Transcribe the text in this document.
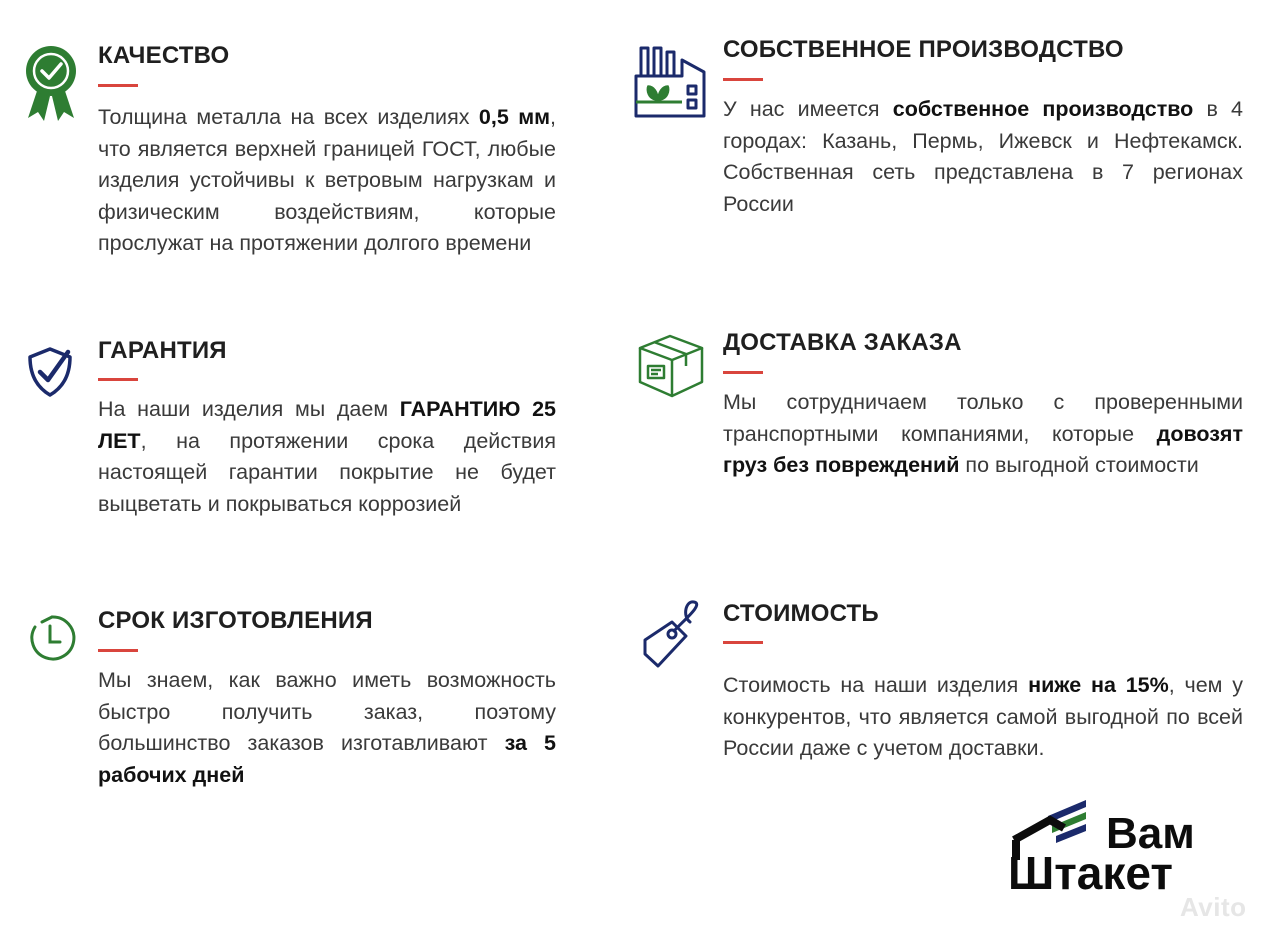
КАЧЕСТВО

Толщина металла на всех изделиях 0,5 мм, что является верхней границей ГОСТ, любые изделия устойчивы к ветровым нагрузкам и физическим воздействиям, которые прослужат на протяжении долгого времени

СОБСТВЕННОЕ ПРОИЗВОДСТВО

У нас имеется собственное производство в 4 городах: Казань, Пермь, Ижевск и Нефтекамск. Собственная сеть представлена в 7 регионах России

ГАРАНТИЯ

На наши изделия мы даем ГАРАНТИЮ 25 ЛЕТ, на протяжении срока действия настоящей гарантии покрытие не будет выцветать и покрываться коррозией

ДОСТАВКА ЗАКАЗА

Мы сотрудничаем только с проверенными транспортными компаниями, которые довозят груз без повреждений по выгодной стоимости

СРОК ИЗГОТОВЛЕНИЯ

Мы знаем, как важно иметь возможность быстро получить заказ, поэтому большинство заказов изготавливают за 5 рабочих дней

СТОИМОСТЬ

Стоимость на наши изделия ниже на 15%, чем у конкурентов, что является самой выгодной по всей России даже с учетом доставки.

Вам
Штакет
Avito
